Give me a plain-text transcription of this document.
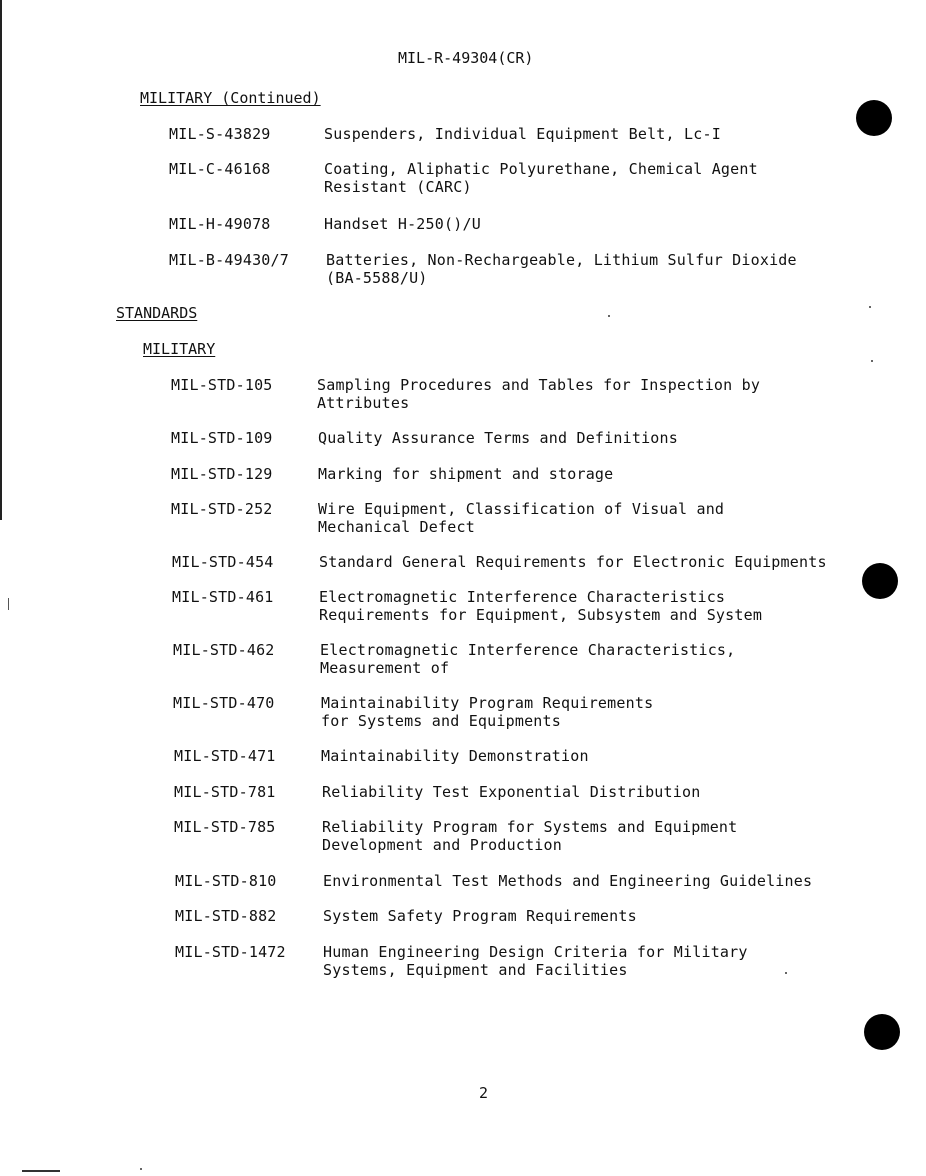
MIL-R-49304(CR)
MILITARY (Continued)
MIL-S-43829	Suspenders, Individual Equipment Belt, Lc-I
MIL-C-46168	Coating, Aliphatic Polyurethane, Chemical Agent
Resistant (CARC)
MIL-H-49078	Handset H-250()/U
MIL-B-49430/7 Batteries, Non-Rechargeable, Lithium Sulfur Dioxide
(BA-5588/U)
STANDARDS
MILITARY
MIL-STD-105	Sampling Procedures and Tables for Inspection by
Attributes
MIL-STD-109	Quality Assurance Terms and Definitions
MIL-STD-129	Marking for shipment and storage
MIL-STD-252	Wire Equipment, Classification of Visual and
Mechanical Defect
MIL-STD-454	Standard General Requirements for Electronic Equipments
MIL-STD-461	Electromagnetic Interference Characteristics
Requirements for Equipment, Subsystem and System
MIL-STD-462	Electromagnetic Interference Characteristics,
Measurement of
MIL-STD-470	Maintainability Program Requirements
for Systems and Equipments
MIL-STD-471	Maintainability Demonstration
MIL-STD-781	Reliability Test Exponential Distribution
MIL-STD-785	Reliability Program for Systems and Equipment
Development and Production
MIL-STD-810	Environmental Test Methods and Engineering Guidelines
MIL-STD-882	System Safety Program Requirements
MIL-STD-1472 Human Engineering Design Criteria for Military
Systems, Equipment and Facilities
2
